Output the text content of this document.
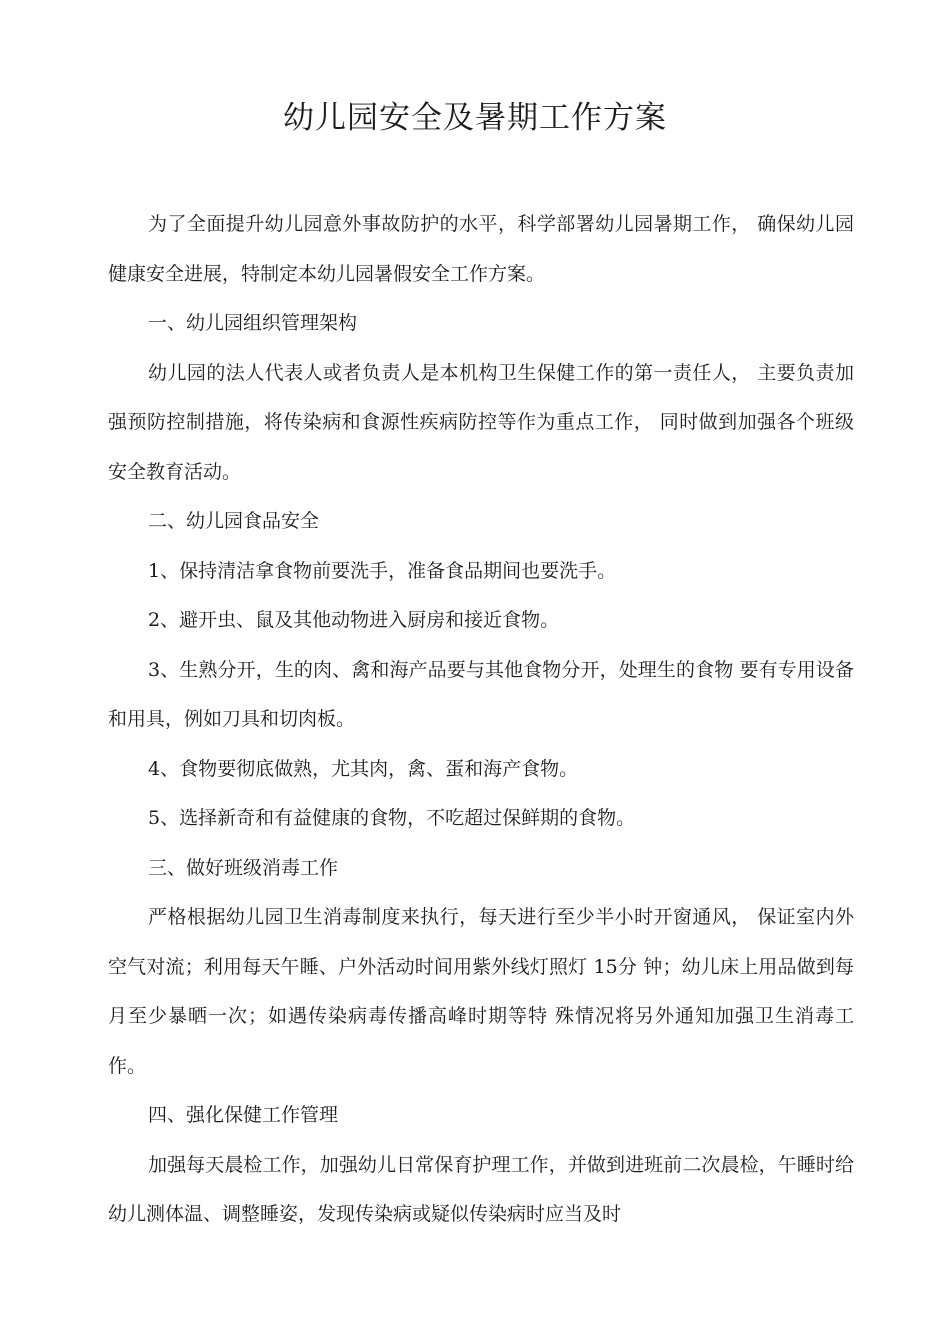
幼儿园安全及暑期工作方案

为了全面提升幼儿园意外事故防护的水平，科学部署幼儿园暑期工作， 确保幼儿园健康安全进展，特制定本幼儿园暑假安全工作方案。

一、幼儿园组织管理架构

幼儿园的法人代表人或者负责人是本机构卫生保健工作的第一责任人， 主要负责加强预防控制措施，将传染病和食源性疾病防控等作为重点工作， 同时做到加强各个班级安全教育活动。

二、幼儿园食品安全

1、保持清洁拿食物前要洗手，准备食品期间也要洗手。

2、避开虫、鼠及其他动物进入厨房和接近食物。

3、生熟分开，生的肉、禽和海产品要与其他食物分开，处理生的食物 要有专用设备和用具，例如刀具和切肉板。

4、食物要彻底做熟，尤其肉，禽、蛋和海产食物。

5、选择新奇和有益健康的食物，不吃超过保鲜期的食物。

三、做好班级消毒工作

严格根据幼儿园卫生消毒制度来执行，每天进行至少半小时开窗通风， 保证室内外空气对流；利用每天午睡、户外活动时间用紫外线灯照灯 15分 钟；幼儿床上用品做到每月至少暴晒一次；如遇传染病毒传播高峰时期等特 殊情况将另外通知加强卫生消毒工作。

四、强化保健工作管理

加强每天晨检工作，加强幼儿日常保育护理工作，并做到进班前二次晨检，午睡时给幼儿测体温、调整睡姿，发现传染病或疑似传染病时应当及时
